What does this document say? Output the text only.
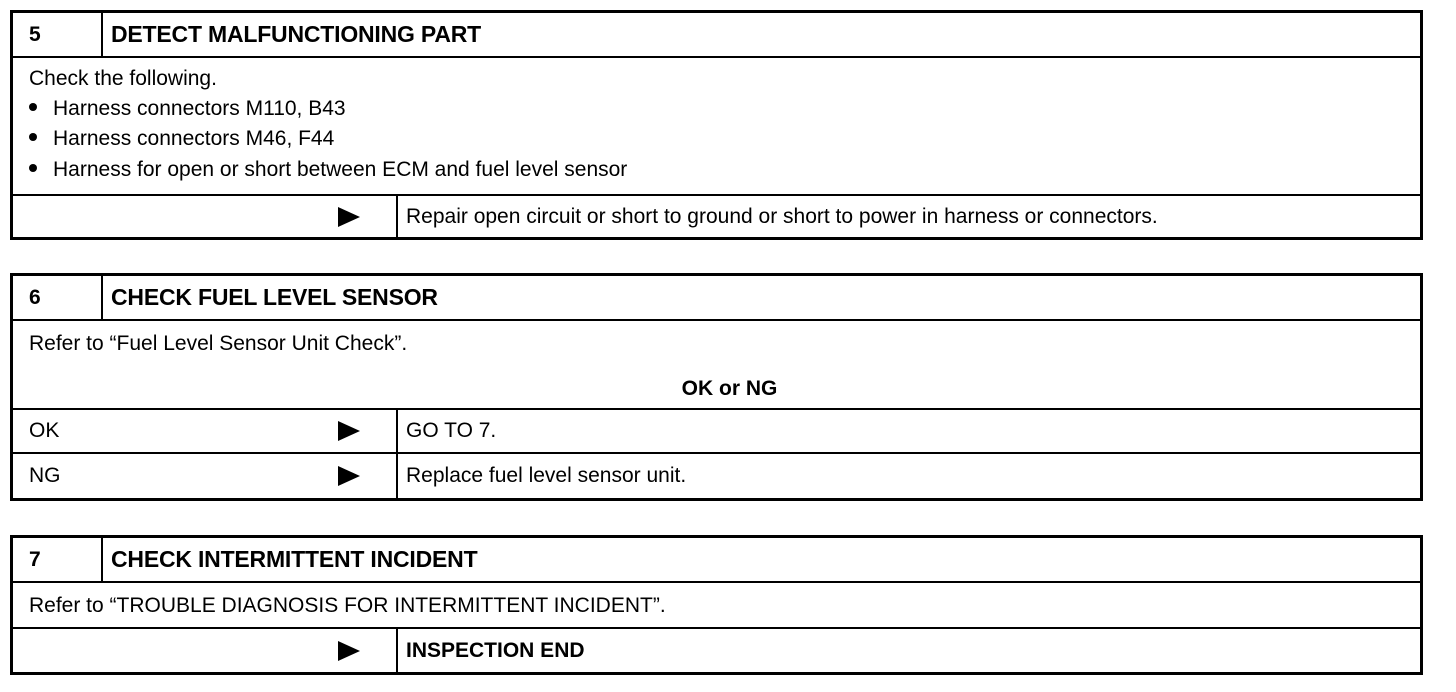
5	DETECT MALFUNCTIONING PART
Check the following.
Harness connectors M110, B43
Harness connectors M46, F44
Harness for open or short between ECM and fuel level sensor
Repair open circuit or short to ground or short to power in harness or connectors.
6	CHECK FUEL LEVEL SENSOR
Refer to “Fuel Level Sensor Unit Check”.
OK or NG
OK	GO TO 7.
NG	Replace fuel level sensor unit.
7	CHECK INTERMITTENT INCIDENT
Refer to “TROUBLE DIAGNOSIS FOR INTERMITTENT INCIDENT”.
INSPECTION END
